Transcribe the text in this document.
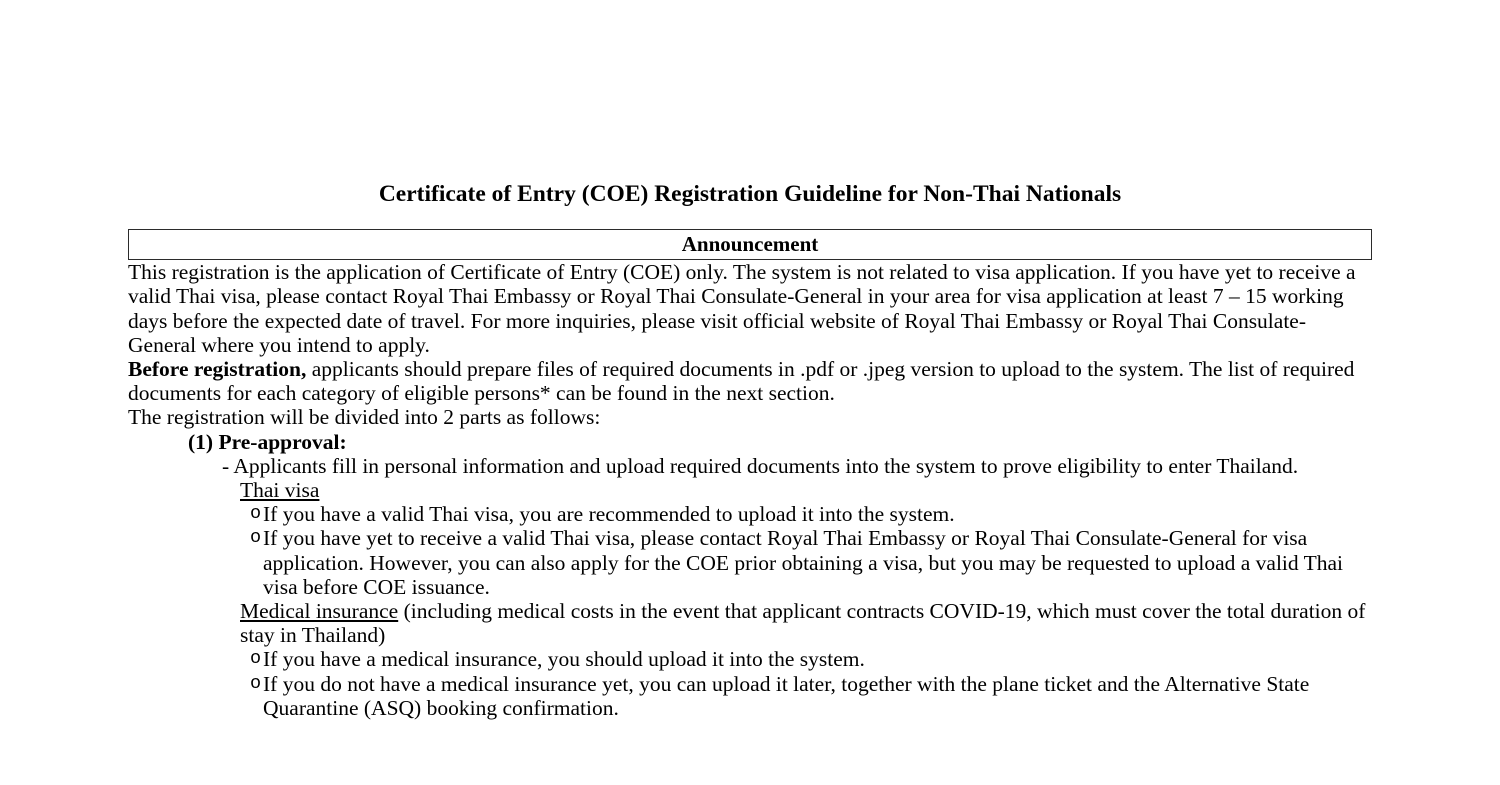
Certificate of Entry (COE) Registration Guideline for Non-Thai Nationals
Announcement

This registration is the application of Certificate of Entry (COE) only. The system is not related to visa application. If you have yet to receive a valid Thai visa, please contact Royal Thai Embassy or Royal Thai Consulate-General in your area for visa application at least 7 – 15 working days before the expected date of travel. For more inquiries, please visit official website of Royal Thai Embassy or Royal Thai Consulate-General where you intend to apply.

Before registration, applicants should prepare files of required documents in .pdf or .jpeg version to upload to the system. The list of required documents for each category of eligible persons* can be found in the next section.

The registration will be divided into 2 parts as follows:

(1) Pre-approval:

- Applicants fill in personal information and upload required documents into the system to prove eligibility to enter Thailand.

Thai visa

o If you have a valid Thai visa, you are recommended to upload it into the system.
o If you have yet to receive a valid Thai visa, please contact Royal Thai Embassy or Royal Thai Consulate-General for visa application. However, you can also apply for the COE prior obtaining a visa, but you may be requested to upload a valid Thai visa before COE issuance.

Medical insurance (including medical costs in the event that applicant contracts COVID-19, which must cover the total duration of stay in Thailand)

o If you have a medical insurance, you should upload it into the system.
o If you do not have a medical insurance yet, you can upload it later, together with the plane ticket and the Alternative State Quarantine (ASQ) booking confirmation.
